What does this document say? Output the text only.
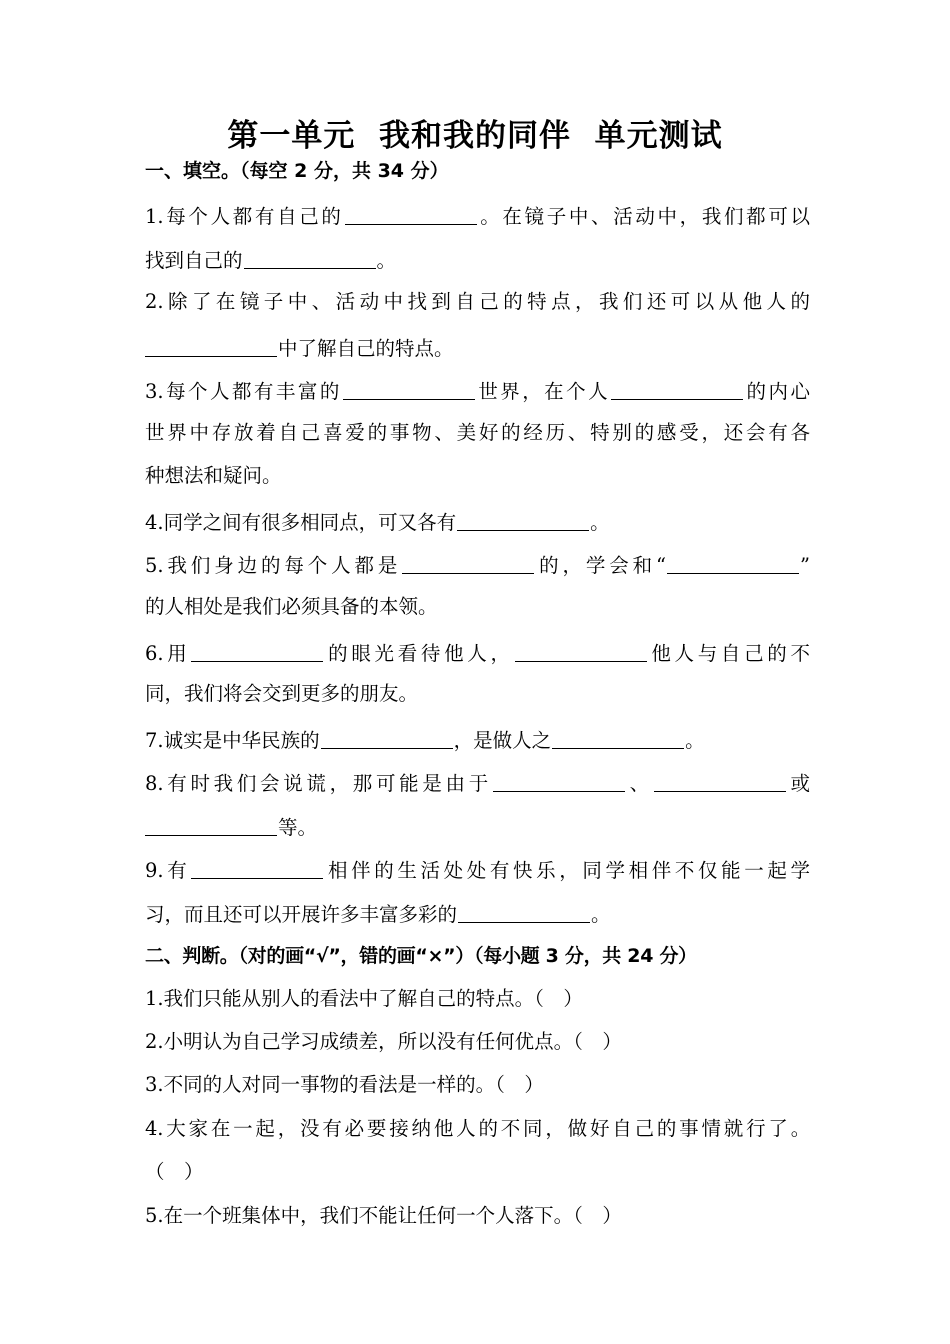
第一单元  我和我的同伴  单元测试
一、填空。（每空 2 分，共 34 分）
1.每个人都有自己的	。在镜子中、活动中，我们都可以
找到自己的	。
2.除了在镜子中、活动中找到自己的特点，我们还可以从他人的
中了解自己的特点。
3.每个人都有丰富的	世界，在个人	的内心
世界中存放着自己喜爱的事物、美好的经历、特别的感受，还会有各
种想法和疑问。
4.同学之间有很多相同点，可又各有	。
5.我们身边的每个人都是	的，学会和“	”
的人相处是我们必须具备的本领。
6.用	的眼光看待他人，	他人与自己的不
同，我们将会交到更多的朋友。
7.诚实是中华民族的	，是做人之	。
8.有时我们会说谎，那可能是由于	、	或
等。
9.有	相伴的生活处处有快乐，同学相伴不仅能一起学
习，而且还可以开展许多丰富多彩的	。
二、判断。（对的画“√”，错的画“×”）（每小题 3 分，共 24 分）
1.我们只能从别人的看法中了解自己的特点。（　）
2.小明认为自己学习成绩差，所以没有任何优点。（　）
3.不同的人对同一事物的看法是一样的。（　）
4.大家在一起，没有必要接纳他人的不同，做好自己的事情就行了。
（　）
5.在一个班集体中，我们不能让任何一个人落下。（　）
